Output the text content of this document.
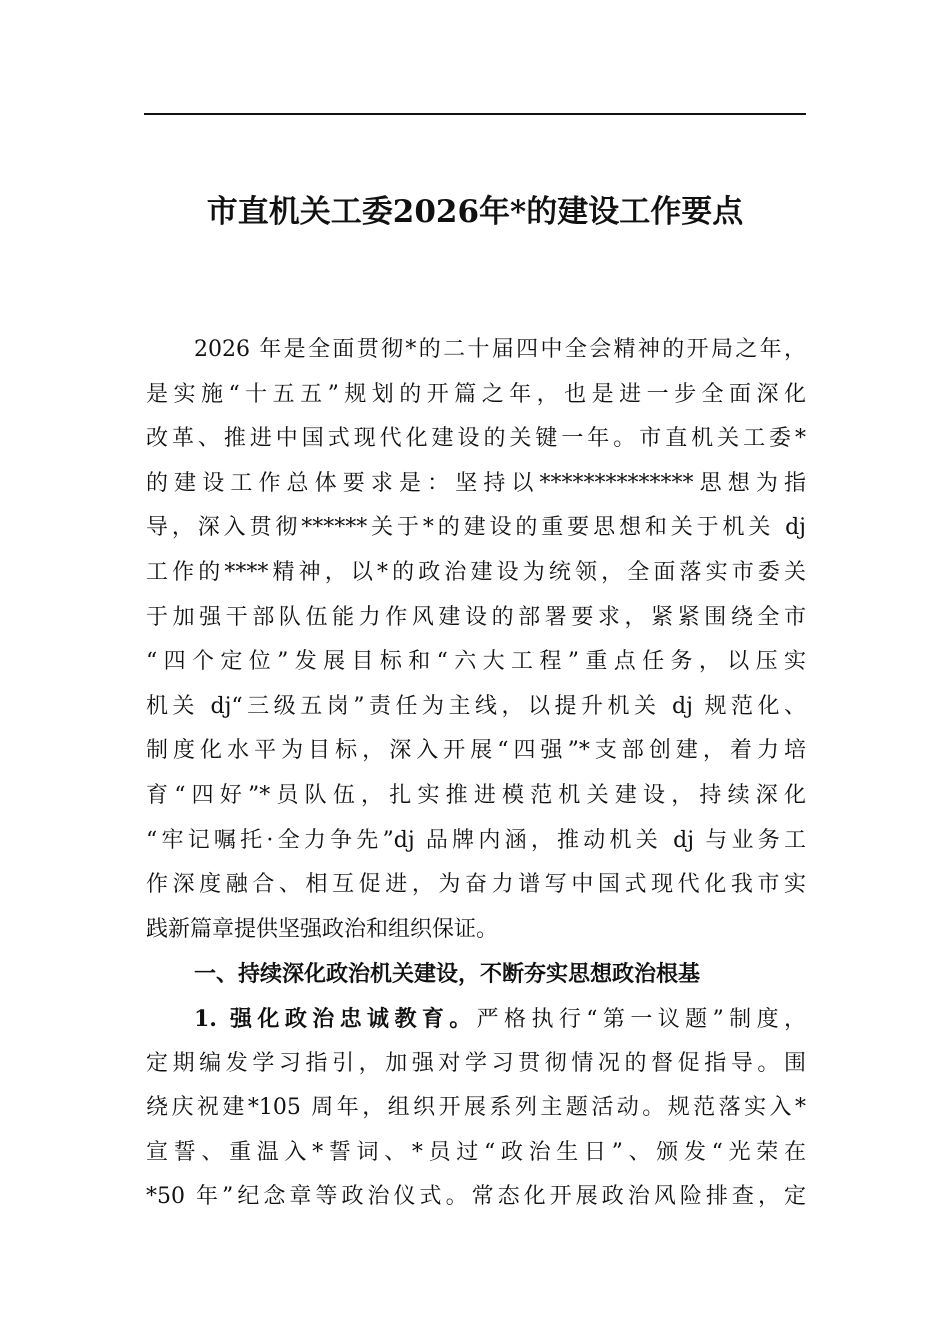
市直机关工委2026年*的建设工作要点
2026 年是全面贯彻*的二十届四中全会精神的开局之年，
是实施“十五五”规划的开篇之年，也是进一步全面深化
改革、推进中国式现代化建设的关键一年。市直机关工委*
的建设工作总体要求是：坚持以**************思想为指
导，深入贯彻******关于*的建设的重要思想和关于机关 dj
工作的****精神，以*的政治建设为统领，全面落实市委关
于加强干部队伍能力作风建设的部署要求，紧紧围绕全市
“四个定位”发展目标和“六大工程”重点任务，以压实
机关 dj“三级五岗”责任为主线，以提升机关 dj 规范化、
制度化水平为目标，深入开展“四强”*支部创建，着力培
育“四好”*员队伍，扎实推进模范机关建设，持续深化
“牢记嘱托·全力争先”dj 品牌内涵，推动机关 dj 与业务工
作深度融合、相互促进，为奋力谱写中国式现代化我市实
践新篇章提供坚强政治和组织保证。
一、持续深化政治机关建设，不断夯实思想政治根基
1. 强化政治忠诚教育。严格执行“第一议题”制度，
定期编发学习指引，加强对学习贯彻情况的督促指导。围
绕庆祝建*105 周年，组织开展系列主题活动。规范落实入*
宣誓、重温入*誓词、*员过“政治生日”、颁发“光荣在
*50 年”纪念章等政治仪式。常态化开展政治风险排查，定
